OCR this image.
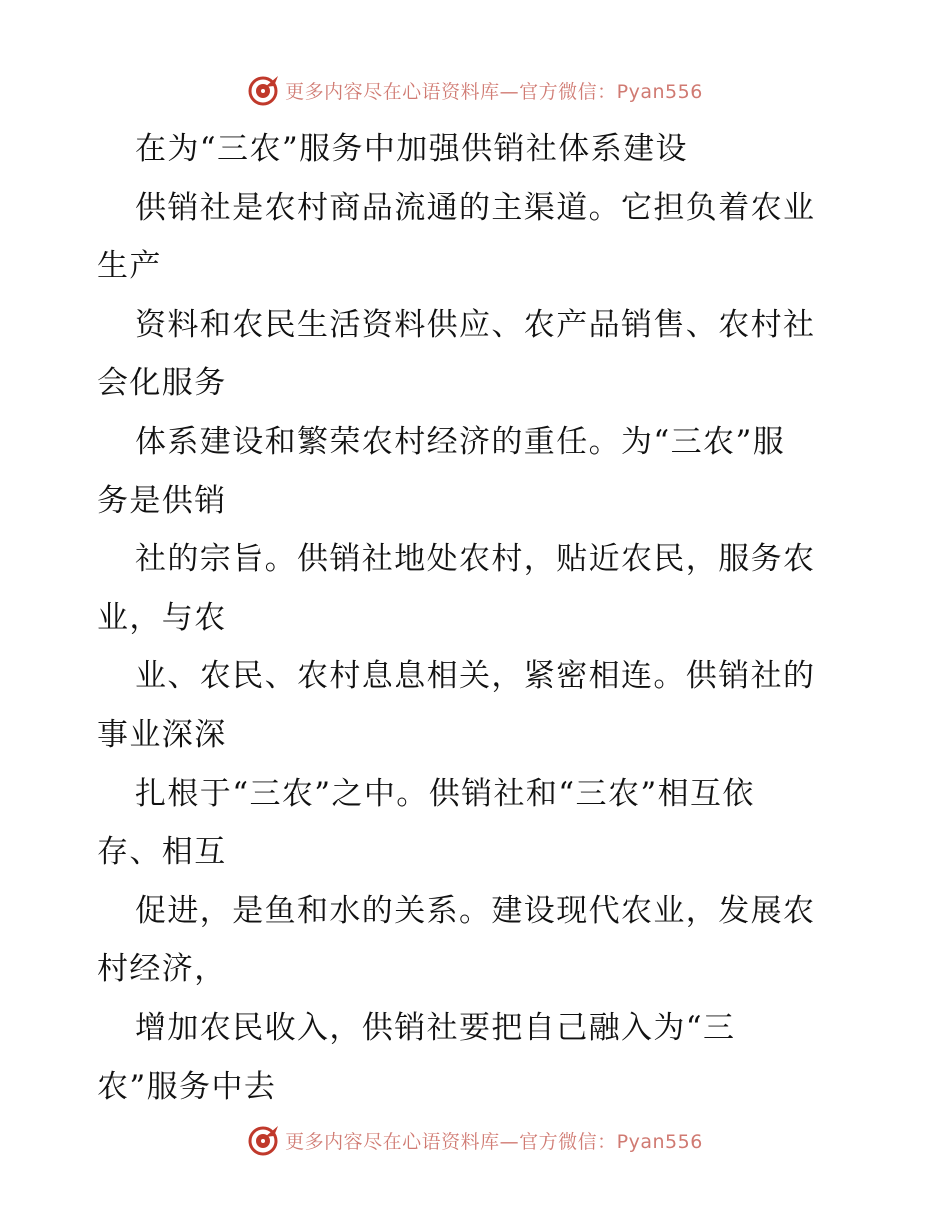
更多内容尽在心语资料库—官方微信：Pyan556
在为“三农”服务中加强供销社体系建设
供销社是农村商品流通的主渠道。它担负着农业
生产
资料和农民生活资料供应、农产品销售、农村社
会化服务
体系建设和繁荣农村经济的重任。为“三农”服
务是供销
社的宗旨。供销社地处农村，贴近农民，服务农
业，与农
业、农民、农村息息相关，紧密相连。供销社的
事业深深
扎根于“三农”之中。供销社和“三农”相互依
存、相互
促进，是鱼和水的关系。建设现代农业，发展农
村经济，
增加农民收入，供销社要把自己融入为“三
农”服务中去
更多内容尽在心语资料库—官方微信：Pyan556
